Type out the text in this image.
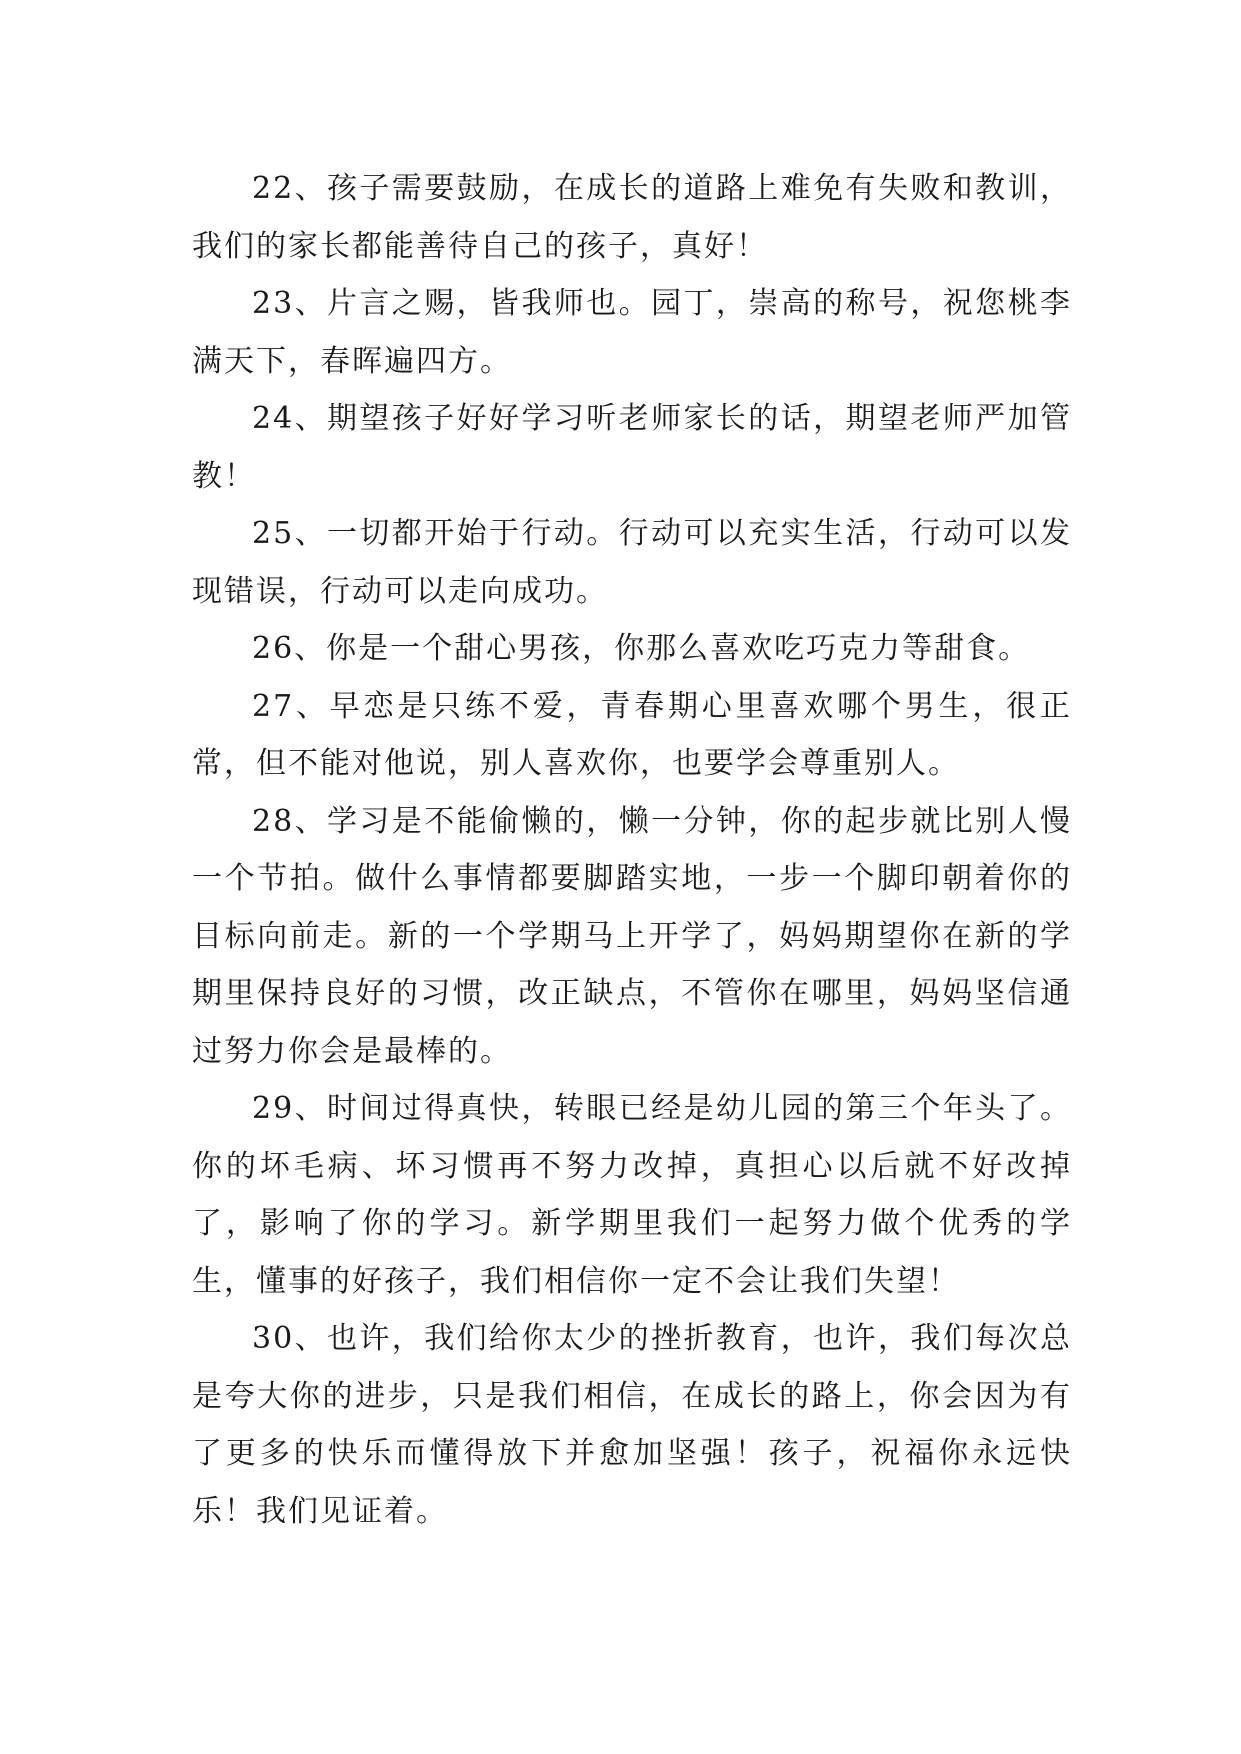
22、孩子需要鼓励，在成长的道路上难免有失败和教训，我们的家长都能善待自己的孩子，真好！

23、片言之赐，皆我师也。园丁，崇高的称号，祝您桃李满天下，春晖遍四方。

24、期望孩子好好学习听老师家长的话，期望老师严加管教！

25、一切都开始于行动。行动可以充实生活，行动可以发现错误，行动可以走向成功。

26、你是一个甜心男孩，你那么喜欢吃巧克力等甜食。

27、早恋是只练不爱，青春期心里喜欢哪个男生，很正常，但不能对他说，别人喜欢你，也要学会尊重别人。

28、学习是不能偷懒的，懒一分钟，你的起步就比别人慢一个节拍。做什么事情都要脚踏实地，一步一个脚印朝着你的目标向前走。新的一个学期马上开学了，妈妈期望你在新的学期里保持良好的习惯，改正缺点，不管你在哪里，妈妈坚信通过努力你会是最棒的。

29、时间过得真快，转眼已经是幼儿园的第三个年头了。你的坏毛病、坏习惯再不努力改掉，真担心以后就不好改掉了，影响了你的学习。新学期里我们一起努力做个优秀的学生，懂事的好孩子，我们相信你一定不会让我们失望！

30、也许，我们给你太少的挫折教育，也许，我们每次总是夸大你的进步，只是我们相信，在成长的路上，你会因为有了更多的快乐而懂得放下并愈加坚强！孩子，祝福你永远快乐！我们见证着。
